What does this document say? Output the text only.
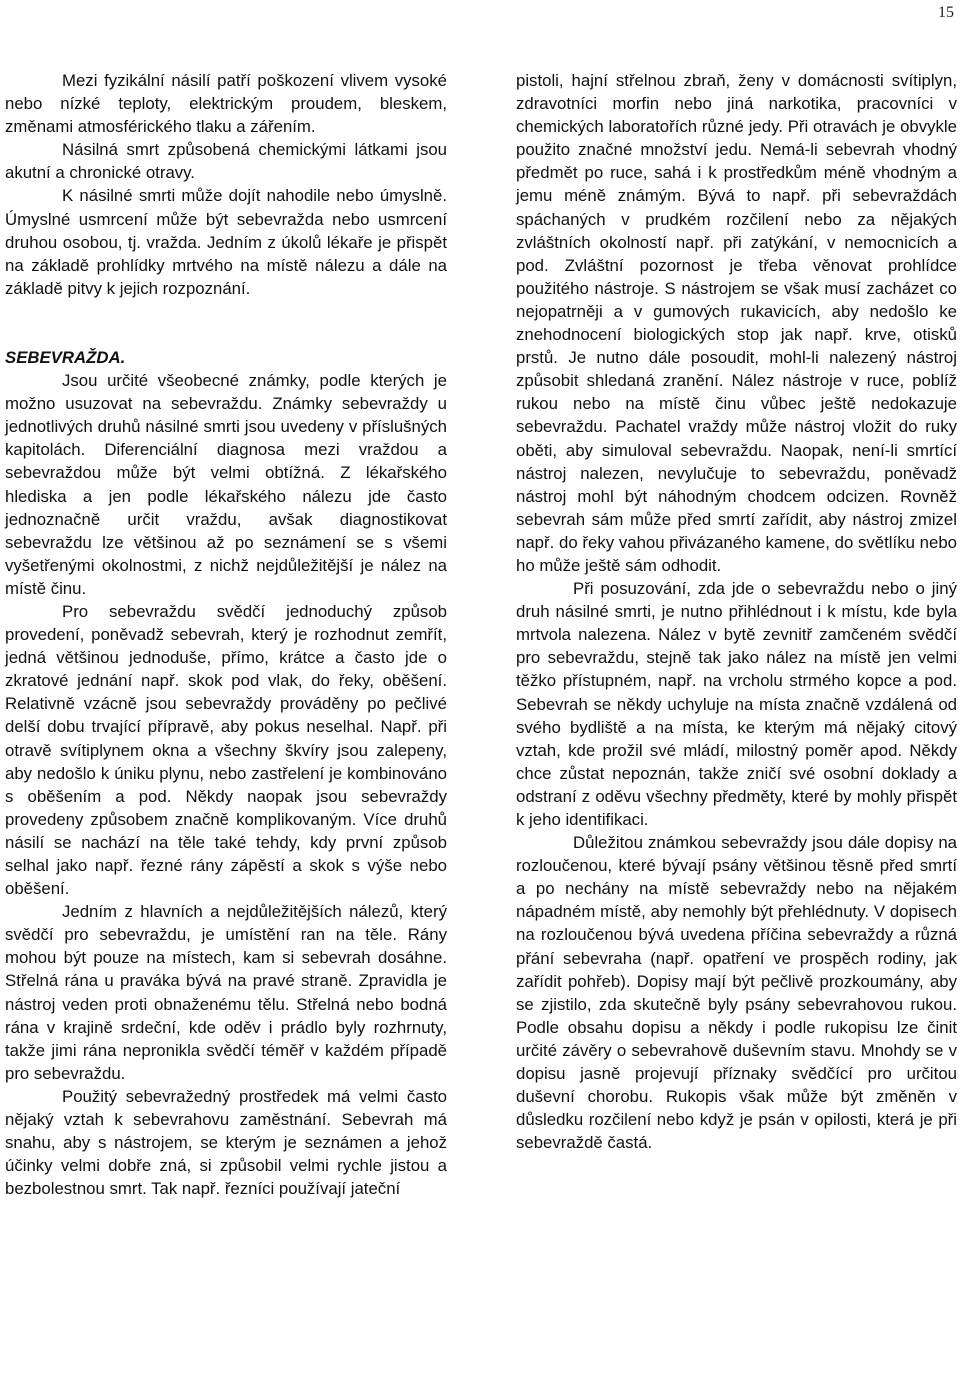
15

Mezi fyzikální násilí patří poškození vlivem vysoké nebo nízké teploty, elektrickým proudem, bleskem, změnami atmosférického tlaku a zářením.

Násilná smrt způsobená chemickými látkami jsou akutní a chronické otravy.

K násilné smrti může dojít nahodile nebo úmyslně. Úmyslné usmrcení může být sebevražda nebo usmrcení druhou osobou, tj. vražda. Jedním z úkolů lékaře je přispět na základě prohlídky mrtvého na místě nálezu a dále na základě pitvy k jejich rozpoznání.

SEBEVRAŽDA.

Jsou určité všeobecné známky, podle kterých je možno usuzovat na sebevraždu. Známky sebevraždy u jednotlivých druhů násilné smrti jsou uvedeny v příslušných kapitolách. Diferenciální diagnosa mezi vraždou a sebevraždou může být velmi obtížná. Z lékařského hlediska a jen podle lékařského nálezu jde často jednoznačně určit vraždu, avšak diagnostikovat sebevraždu lze většinou až po seznámení se s všemi vyšetřenými okolnostmi, z nichž nejdůležitější je nález na místě činu.

Pro sebevraždu svědčí jednoduchý způsob provedení, poněvadž sebevrah, který je rozhodnut zemřít, jedná většinou jednoduše, přímo, krátce a často jde o zkratové jednání např. skok pod vlak, do řeky, oběšení. Relativně vzácně jsou sebevraždy prováděny po pečlivé delší dobu trvající přípravě, aby pokus neselhal. Např. při otravě svítiplynem okna a všechny škvíry jsou zalepeny, aby nedošlo k úniku plynu, nebo zastřelení je kombinováno s oběšením a pod. Někdy naopak jsou sebevraždy provedeny způsobem značně komplikovaným. Více druhů násilí se nachází na těle také tehdy, kdy první způsob selhal jako např. řezné rány zápěstí a skok s výše nebo oběšení.

Jedním z hlavních a nejdůležitějších nálezů, který svědčí pro sebevraždu, je umístění ran na těle. Rány mohou být pouze na místech, kam si sebevrah dosáhne. Střelná rána u praváka bývá na pravé straně. Zpravidla je nástroj veden proti obnaženému tělu. Střelná nebo bodná rána v krajině srdeční, kde oděv i prádlo byly rozhrnuty, takže jimi rána nepronikla svědčí téměř v každém případě pro sebevraždu.

Použitý sebevražedný prostředek má velmi často nějaký vztah k sebevrahovu zaměstnání. Sebevrah má snahu, aby s nástrojem, se kterým je seznámen a jehož účinky velmi dobře zná, si způsobil velmi rychle jistou a bezbolestnou smrt. Tak např. řezníci používají jateční

pistoli, hajní střelnou zbraň, ženy v domácnosti svítiplyn, zdravotníci morfin nebo jiná narkotika, pracovníci v chemických laboratořích různé jedy. Při otravách je obvykle použito značné množství jedu. Nemá-li sebevrah vhodný předmět po ruce, sahá i k prostředkům méně vhodným a jemu méně známým. Bývá to např. při sebevraždách spáchaných v prudkém rozčilení nebo za nějakých zvláštních okolností např. při zatýkání, v nemocnicích a pod. Zvláštní pozornost je třeba věnovat prohlídce použitého nástroje. S nástrojem se však musí zacházet co nejopatrněji a v gumových rukavicích, aby nedošlo ke znehodnocení biologických stop jak např. krve, otisků prstů. Je nutno dále posoudit, mohl-li nalezený nástroj způsobit shledaná zranění. Nález nástroje v ruce, poblíž rukou nebo na místě činu vůbec ještě nedokazuje sebevraždu. Pachatel vraždy může nástroj vložit do ruky oběti, aby simuloval sebevraždu. Naopak, není-li smrtící nástroj nalezen, nevylučuje to sebevraždu, poněvadž nástroj mohl být náhodným chodcem odcizen. Rovněž sebevrah sám může před smrtí zařídit, aby nástroj zmizel např. do řeky vahou přivázaného kamene, do světlíku nebo ho může ještě sám odhodit.

Při posuzování, zda jde o sebevraždu nebo o jiný druh násilné smrti, je nutno přihlédnout i k místu, kde byla mrtvola nalezena. Nález v bytě zevnitř zamčeném svědčí pro sebevraždu, stejně tak jako nález na místě jen velmi těžko přístupném, např. na vrcholu strmého kopce a pod. Sebevrah se někdy uchyluje na místa značně vzdálená od svého bydliště a na místa, ke kterým má nějaký citový vztah, kde prožil své mládí, milostný poměr apod. Někdy chce zůstat nepoznán, takže zničí své osobní doklady a odstraní z oděvu všechny předměty, které by mohly přispět k jeho identifikaci.

Důležitou známkou sebevraždy jsou dále dopisy na rozloučenou, které bývají psány většinou těsně před smrtí a po nechány na místě sebevraždy nebo na nějakém nápadném místě, aby nemohly být přehlédnuty. V dopisech na rozloučenou bývá uvedena příčina sebevraždy a různá přání sebevraha (např. opatření ve prospěch rodiny, jak zařídit pohřeb). Dopisy mají být pečlivě prozkoumány, aby se zjistilo, zda skutečně byly psány sebevrahovou rukou. Podle obsahu dopisu a někdy i podle rukopisu lze činit určité závěry o sebevrahově duševním stavu. Mnohdy se v dopisu jasně projevují příznaky svědčící pro určitou duševní chorobu. Rukopis však může být změněn v důsledku rozčilení nebo když je psán v opilosti, která je při sebevraždě častá.
